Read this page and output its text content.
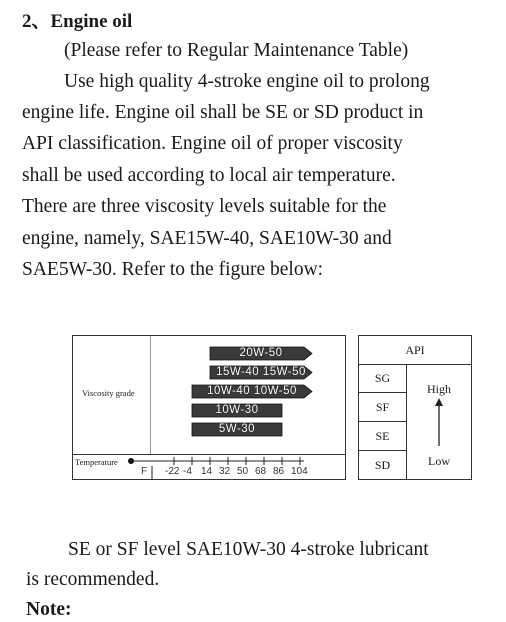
2、Engine oil
(Please refer to Regular Maintenance Table)
Use high quality 4-stroke engine oil to prolong
engine life. Engine oil shall be SE or SD product in
API classification. Engine oil of proper viscosity
shall be used according to local air temperature.
There are three viscosity levels suitable for the
engine, namely, SAE15W-40, SAE10W-30 and
SAE5W-30. Refer to the figure below:
Viscosity grade
20W-50
15W-40 15W-50
10W-40 10W-50
10W-30
5W-30
Temperature
F -22 -4 14 32 50 68 86 104
API
SG
SF
SE
SD
High
Low
SE or SF level SAE10W-30 4-stroke lubricant
is recommended.
Note:
